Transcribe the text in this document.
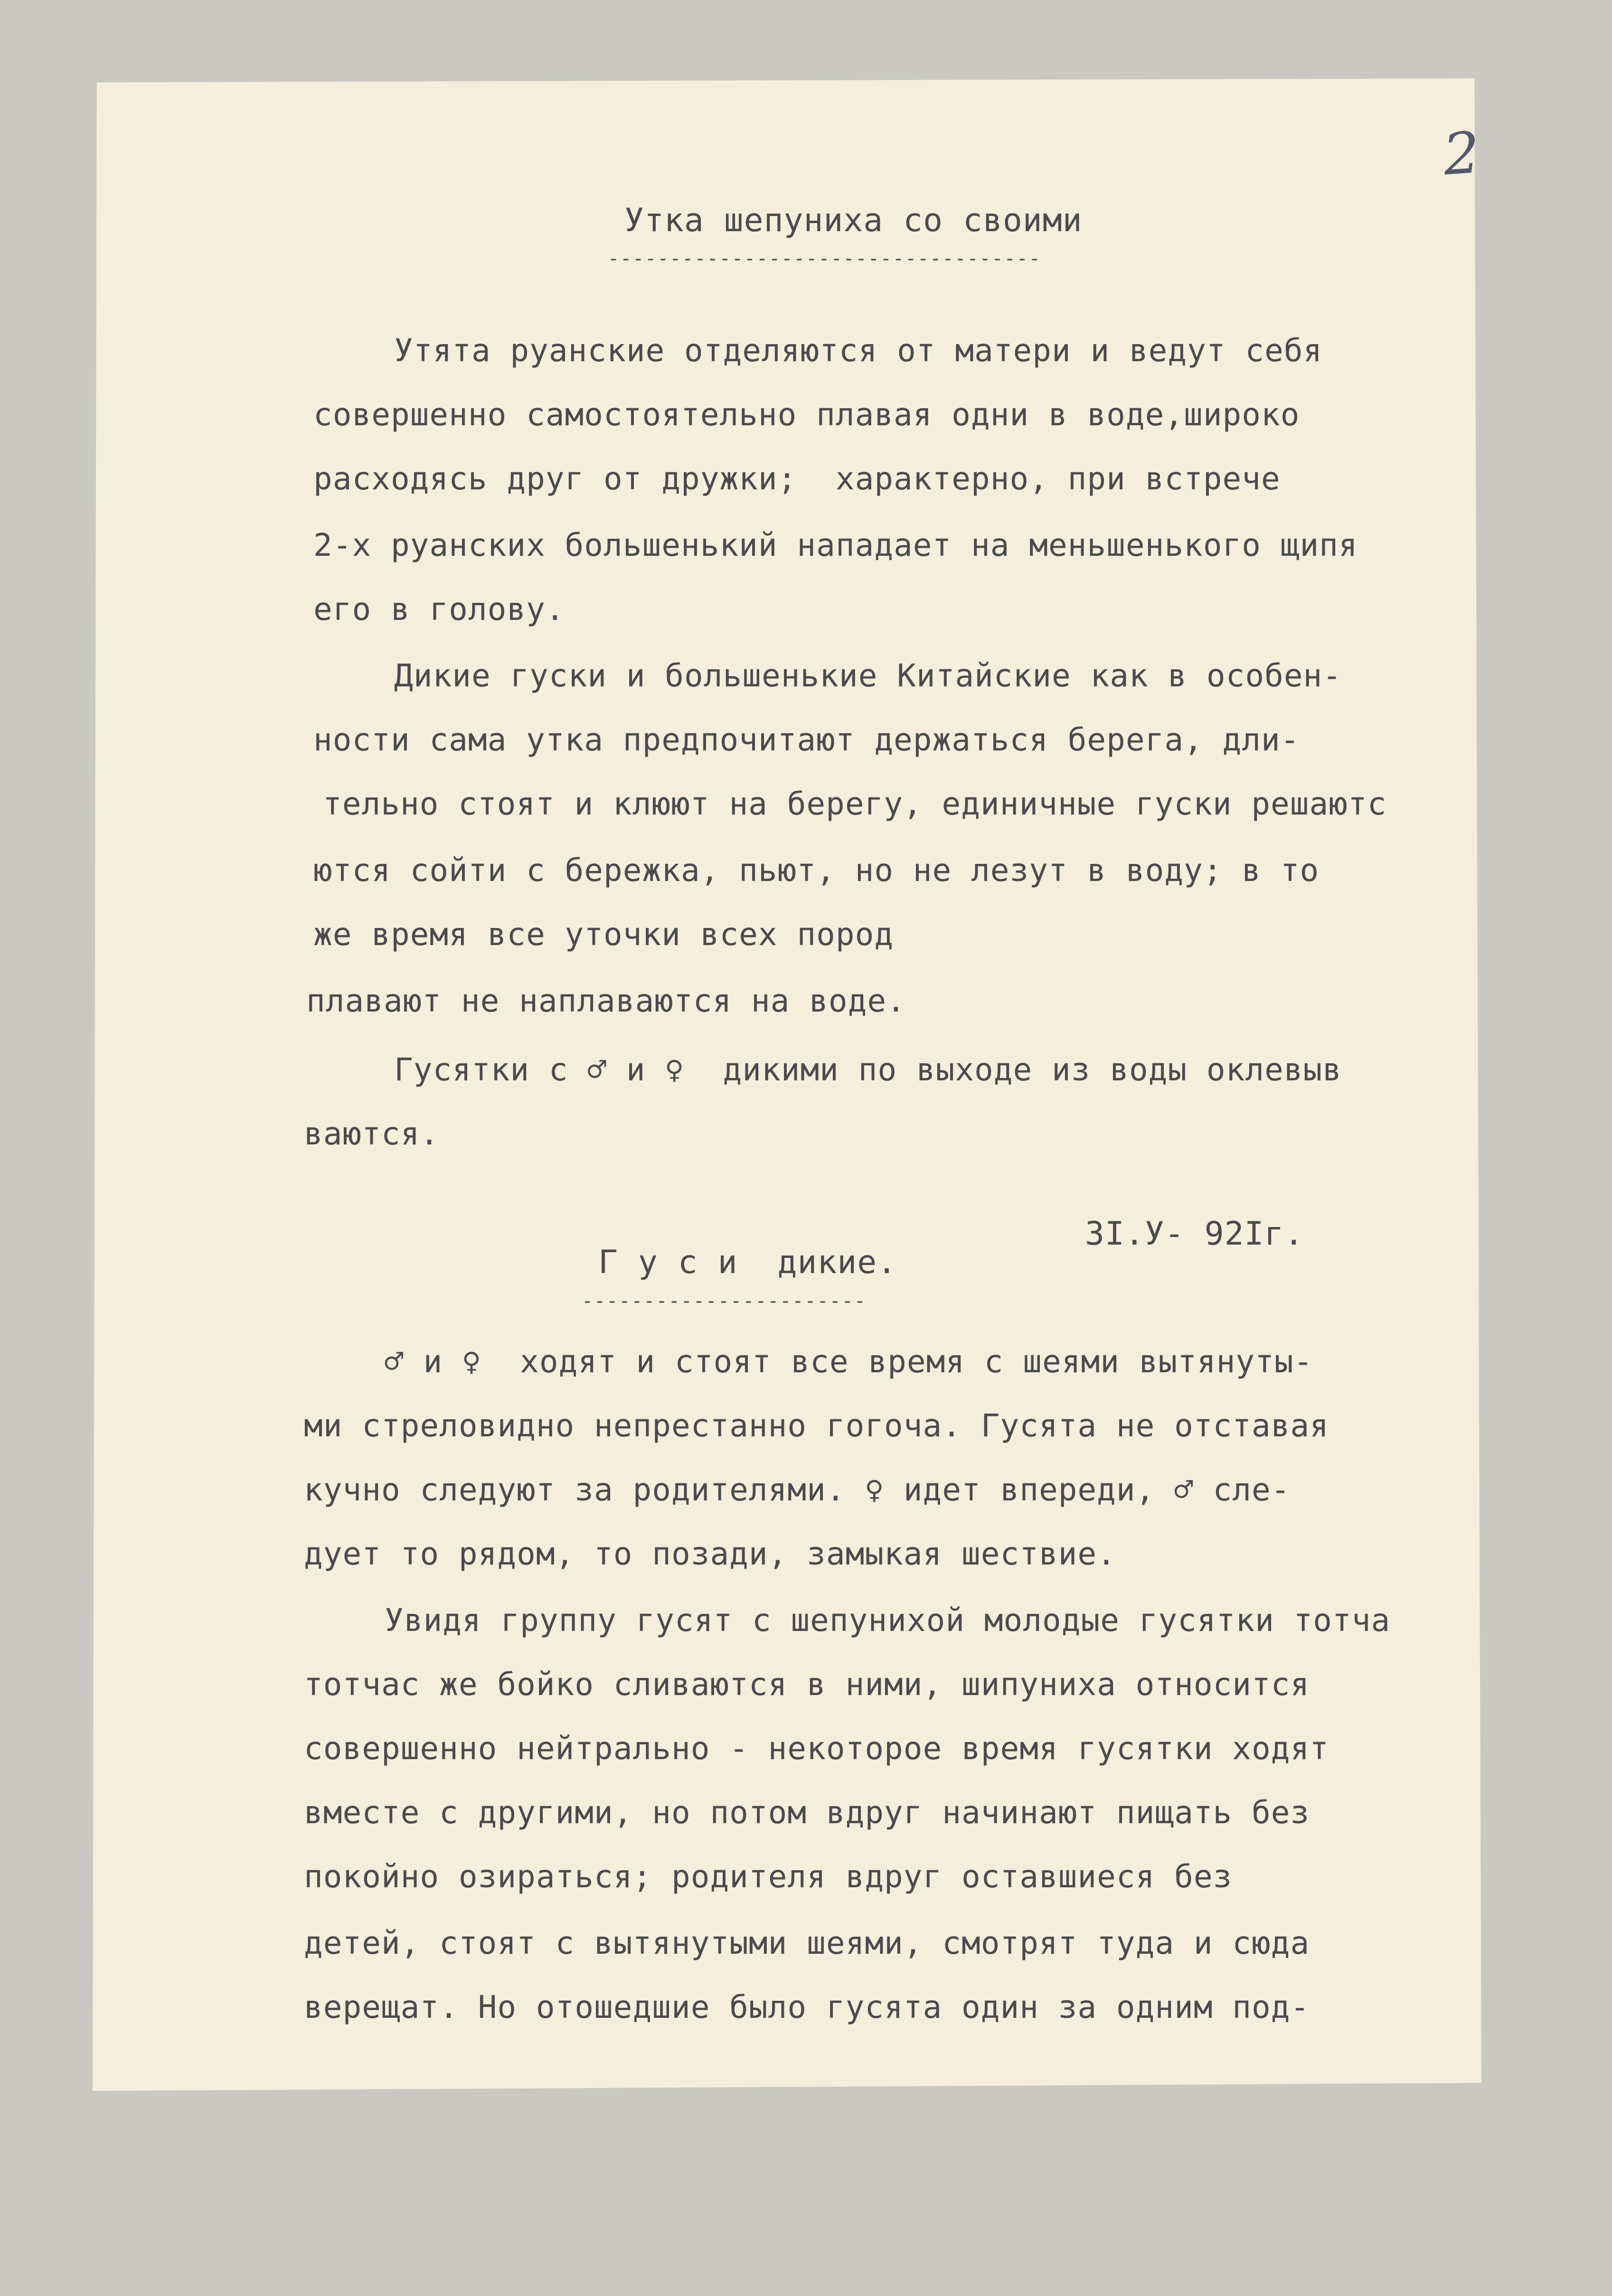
2

Утка шепуниха со своими

-----------------------------------

Утята руанские отделяются от матери и ведут себя

совершенно самостоятельно плавая одни в воде,широко

расходясь друг от дружки;  характерно, при встрече

2-х руанских большенький нападает на меньшенького щипя

его в голову.

Дикие гуски и большенькие Китайские как в особен-

ности сама утка предпочитают держаться берега, дли-

тельно стоят и клюют на берегу, единичные гуски решаютс

ются сойти с бережка, пьют, но не лезут в воду; в то

же время все уточки всех пород

плавают не наплаваются на воде.

Гусятки с ♂ и ♀  дикими по выходе из воды оклевыв

ваются.

3I.У- 92Iг.

Г у с и  дикие.

-----------------------

♂ и ♀  ходят и стоят все время с шеями вытянуты-

ми стреловидно непрестанно гогоча. Гусята не отставая

кучно следуют за родителями. ♀ идет впереди, ♂ сле-

дует то рядом, то позади, замыкая шествие.

Увидя группу гусят с шепунихой молодые гусятки тотча

тотчас же бойко сливаются в ними, шипуниха относится

совершенно нейтрально - некоторое время гусятки ходят

вместе с другими, но потом вдруг начинают пищать без

покойно озираться; родителя вдруг оставшиеся без

детей, стоят с вытянутыми шеями, смотрят туда и сюда

верещат. Но отошедшие было гусята один за одним под-
